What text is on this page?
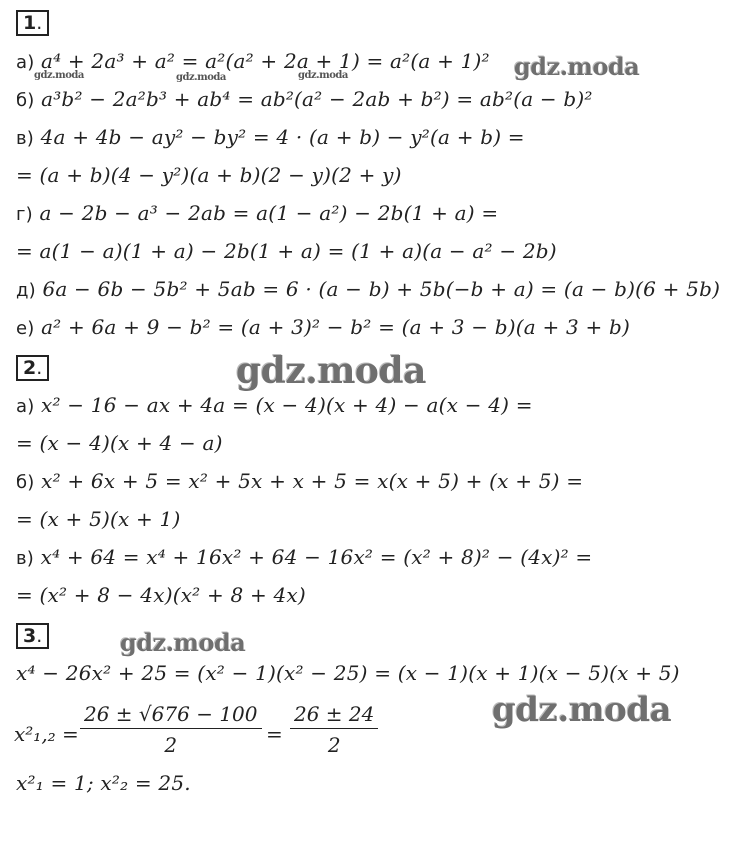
1.
а) a⁴ + 2a³ + a² = a²(a² + 2a + 1) = a²(a + 1)²
б) a³b² − 2a²b³ + ab⁴ = ab²(a² − 2ab + b²) = ab²(a − b)²
в) 4a + 4b − ay² − by² = 4 · (a + b) − y²(a + b) =
= (a + b)(4 − y²)(a + b)(2 − y)(2 + y)
г) a − 2b − a³ − 2ab = a(1 − a²) − 2b(1 + a) =
= a(1 − a)(1 + a) − 2b(1 + a) = (1 + a)(a − a² − 2b)
д) 6a − 6b − 5b² + 5ab = 6 · (a − b) + 5b(−b + a) = (a − b)(6 + 5b)
е) a² + 6a + 9 − b² = (a + 3)² − b² = (a + 3 − b)(a + 3 + b)
2.
а) x² − 16 − ax + 4a = (x − 4)(x + 4) − a(x − 4) =
= (x − 4)(x + 4 − a)
б) x² + 6x + 5 = x² + 5x + x + 5 = x(x + 5) + (x + 5) =
= (x + 5)(x + 1)
в) x⁴ + 64 = x⁴ + 16x² + 64 − 16x² = (x² + 8)² − (4x)² =
= (x² + 8 − 4x)(x² + 8 + 4x)
3.
x⁴ − 26x² + 25 = (x² − 1)(x² − 25) = (x − 1)(x + 1)(x − 5)(x + 5)
$x^2_1,_2 = \frac{26 \pm √676 - 100}{2} = \frac{26 \pm 24}{2}$
x²₁ = 1; x²₂ = 25.
gdz.moda
gdz.moda	gdz.moda	gdz.moda
gdz.moda
gdz.moda
gdz.moda
